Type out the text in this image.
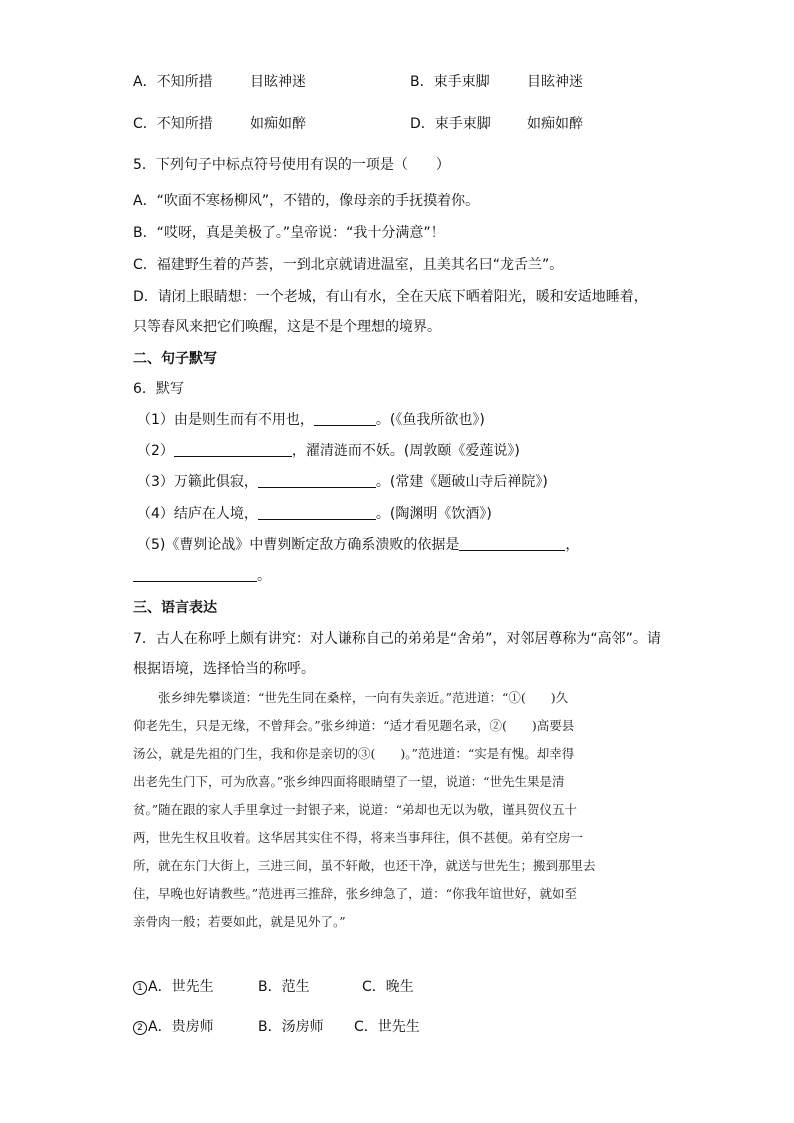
A．不知所措	目眩神迷	B．束手束脚	目眩神迷
C．不知所措	如痴如醉	D．束手束脚	如痴如醉
5．下列句子中标点符号使用有误的一项是（　　）
A．“吹面不寒杨柳风”，不错的，像母亲的手抚摸着你。
B．“哎呀，真是美极了。”皇帝说：“我十分满意”！
C．福建野生着的芦荟，一到北京就请进温室，且美其名曰“龙舌兰”。
D．请闭上眼睛想：一个老城，有山有水，全在天底下晒着阳光，暖和安适地睡着，
只等春风来把它们唤醒，这是不是个理想的境界。
二、句子默写
6．默写
（1）由是则生而有不用也，	。(《鱼我所欲也》)
（2）	，濯清涟而不妖。(周敦颐《爱莲说》)
（3）万籁此俱寂，	。(常建《题破山寺后禅院》)
（4）结庐在人境，	。(陶渊明《饮酒》)
（5)《曹刿论战》中曹刿断定敌方确系溃败的依据是	，
。
三、语言表达
7．古人在称呼上颇有讲究：对人谦称自己的弟弟是“舍弟”，对邻居尊称为“高邻”。请
根据语境，选择恰当的称呼。

　　张乡绅先攀谈道：“世先生同在桑梓，一向有失亲近。”范进道：“①(　　)久

仰老先生，只是无缘，不曾拜会。”张乡绅道：“适才看见题名录，②(　　)高要县

汤公，就是先祖的门生，我和你是亲切的③(　　)。”范进道：“实是有愧。却幸得

出老先生门下，可为欣喜。”张乡绅四面将眼睛望了一望，说道：“世先生果是清

贫。”随在跟的家人手里拿过一封银子来，说道：“弟却也无以为敬，谨具贺仪五十

两，世先生权且收着。这华居其实住不得，将来当事拜往，俱不甚便。弟有空房一

所，就在东门大街上，三进三间，虽不轩敞，也还干净，就送与世先生；搬到那里去

住，早晚也好请教些。”范进再三推辞，张乡绅急了，道：“你我年谊世好，就如至

亲骨肉一般；若要如此，就是见外了。”

1 A．世先生	B．范生	C．晚生
2 A．贵房师	B．汤房师 C．世先生
